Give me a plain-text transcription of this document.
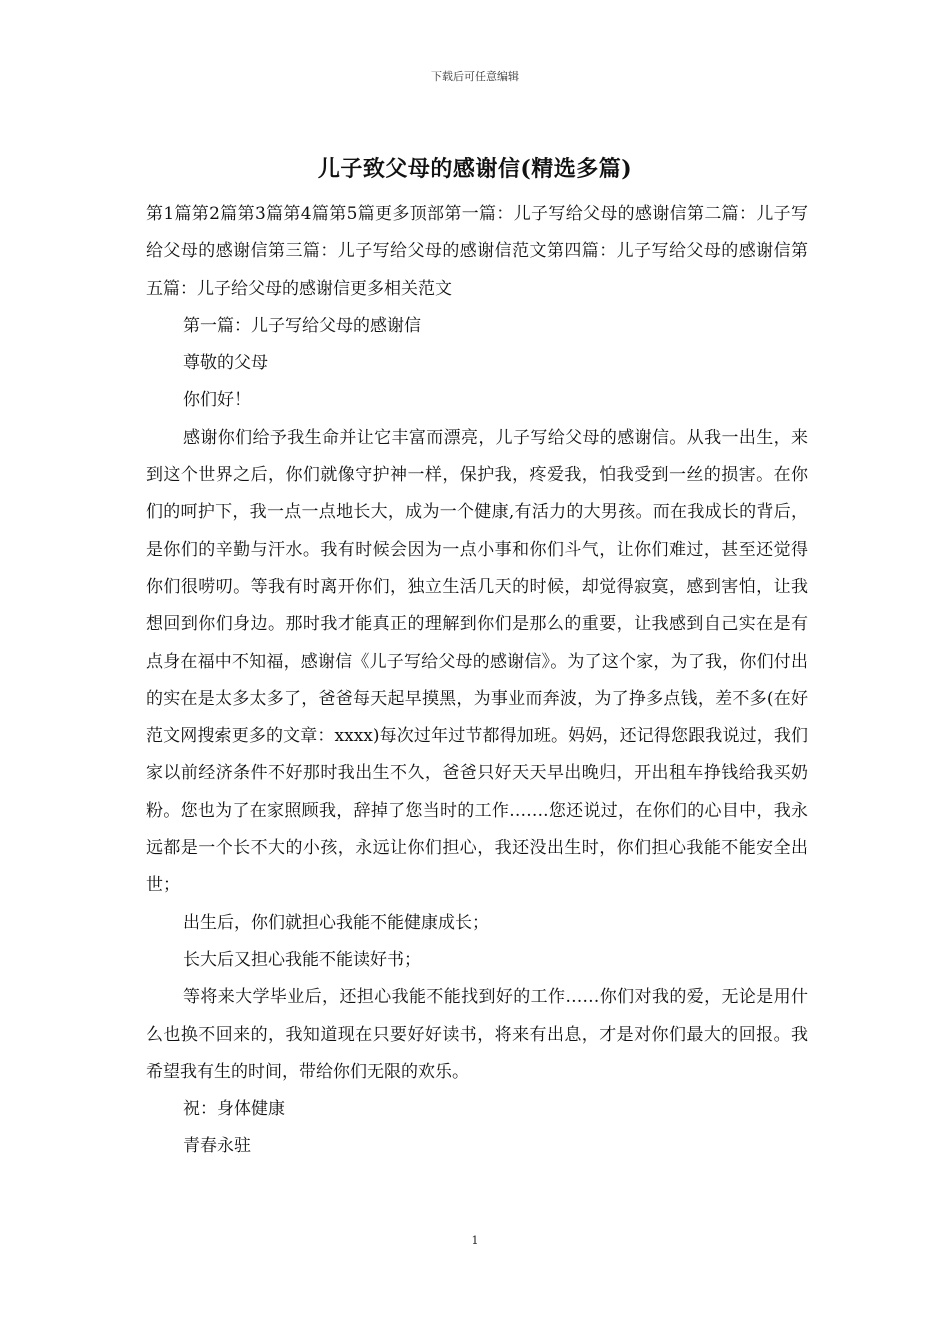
下载后可任意编辑
儿子致父母的感谢信(精选多篇)

第1篇第2篇第3篇第4篇第5篇更多顶部第一篇：儿子写给父母的感谢信第二篇：儿子写给父母的感谢信第三篇：儿子写给父母的感谢信范文第四篇：儿子写给父母的感谢信第五篇：儿子给父母的感谢信更多相关范文

第一篇：儿子写给父母的感谢信

尊敬的父母

你们好！

感谢你们给予我生命并让它丰富而漂亮，儿子写给父母的感谢信。从我一出生，来到这个世界之后，你们就像守护神一样，保护我，疼爱我，怕我受到一丝的损害。在你们的呵护下，我一点一点地长大，成为一个健康,有活力的大男孩。而在我成长的背后，是你们的辛勤与汗水。我有时候会因为一点小事和你们斗气，让你们难过，甚至还觉得你们很唠叨。等我有时离开你们，独立生活几天的时候，却觉得寂寞，感到害怕，让我想回到你们身边。那时我才能真正的理解到你们是那么的重要，让我感到自己实在是有点身在福中不知福，感谢信《儿子写给父母的感谢信》。为了这个家，为了我，你们付出的实在是太多太多了，爸爸每天起早摸黑，为事业而奔波，为了挣多点钱，差不多(在好范文网搜索更多的文章：xxxx)每次过年过节都得加班。妈妈，还记得您跟我说过，我们家以前经济条件不好那时我出生不久，爸爸只好天天早出晚归，开出租车挣钱给我买奶粉。您也为了在家照顾我，辞掉了您当时的工作…….您还说过，在你们的心目中，我永远都是一个长不大的小孩，永远让你们担心，我还没出生时，你们担心我能不能安全出世；

出生后，你们就担心我能不能健康成长；

长大后又担心我能不能读好书；

等将来大学毕业后，还担心我能不能找到好的工作……你们对我的爱，无论是用什么也换不回来的，我知道现在只要好好读书，将来有出息，才是对你们最大的回报。我希望我有生的时间，带给你们无限的欢乐。

祝：身体健康

青春永驻

1
